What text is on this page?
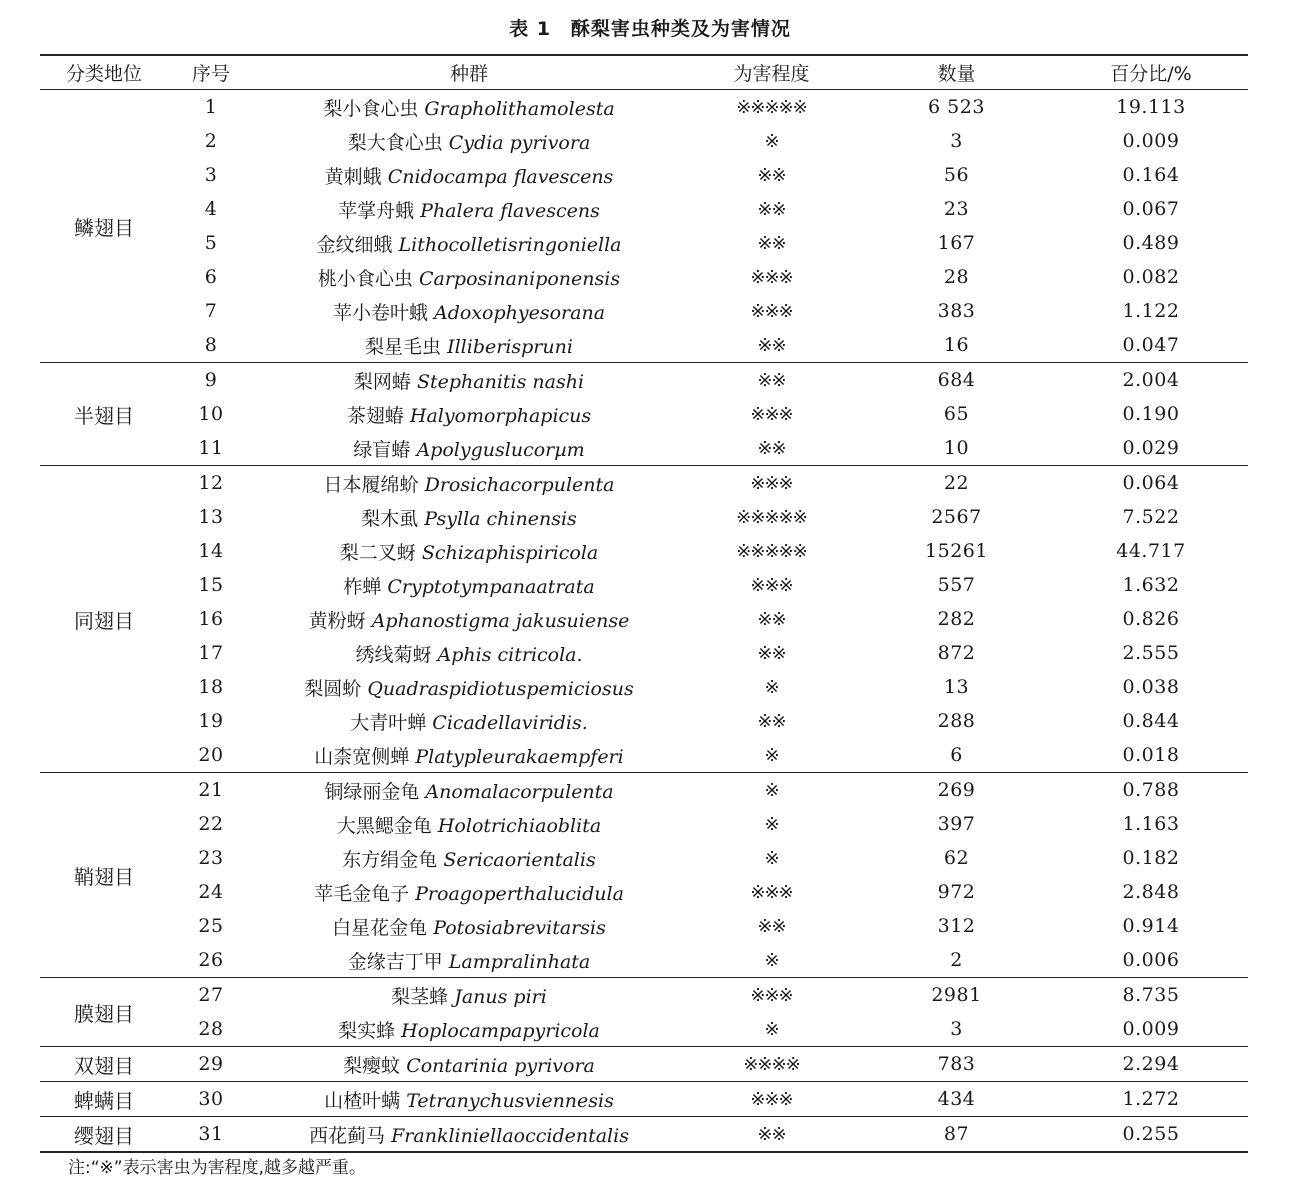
表 1　酥梨害虫种类及为害情况
分类地位	序号	种群	为害程度	数量	百分比/%
鳞翅目	1	梨小食心虫 Grapholithamolesta	※※※※※	6 523	19.113
	2	梨大食心虫 Cydia pyrivora	※	3	0.009
	3	黄刺蛾 Cnidocampa flavescens	※※	56	0.164
	4	苹掌舟蛾 Phalera flavescens	※※	23	0.067
	5	金纹细蛾 Lithocolletisringoniella	※※	167	0.489
	6	桃小食心虫 Carposinaniponensis	※※※	28	0.082
	7	苹小卷叶蛾 Adoxophyesorana	※※※	383	1.122
	8	梨星毛虫 Illiberispruni	※※	16	0.047
半翅目	9	梨网蝽 Stephanitis nashi	※※	684	2.004
	10	茶翅蝽 Halyomorphapicus	※※※	65	0.190
	11	绿盲蝽 Apolyguslucorµm	※※	10	0.029
同翅目	12	日本履绵蚧 Drosichacorpulenta	※※※	22	0.064
	13	梨木虱 Psylla chinensis	※※※※※	2567	7.522
	14	梨二叉蚜 Schizaphispiricola	※※※※※	15261	44.717
	15	柞蝉 Cryptotympanaatrata	※※※	557	1.632
	16	黄粉蚜 Aphanostigma jakusuiense	※※	282	0.826
	17	绣线菊蚜 Aphis citricola.	※※	872	2.555
	18	梨圆蚧 Quadraspidiotuspemiciosus	※	13	0.038
	19	大青叶蝉 Cicadellaviridis.	※※	288	0.844
	20	山柰宽侧蝉 Platypleurakaempferi	※	6	0.018
鞘翅目	21	铜绿丽金龟 Anomalacorpulenta	※	269	0.788
	22	大黑鳃金龟 Holotrichiaoblita	※	397	1.163
	23	东方绢金龟 Sericaorientalis	※	62	0.182
	24	苹毛金龟子 Proagoperthalucidula	※※※	972	2.848
	25	白星花金龟 Potosiabrevitarsis	※※	312	0.914
	26	金缘吉丁甲 Lampralinhata	※	2	0.006
膜翅目	27	梨茎蜂 Janus piri	※※※	2981	8.735
	28	梨实蜂 Hoplocampapyricola	※	3	0.009
双翅目	29	梨瘿蚊 Contarinia pyrivora	※※※※	783	2.294
蜱螨目	30	山楂叶螨 Tetranychusviennesis	※※※	434	1.272
缨翅目	31	西花蓟马 Frankliniellaoccidentalis	※※	87	0.255
注:“※”表示害虫为害程度,越多越严重。
